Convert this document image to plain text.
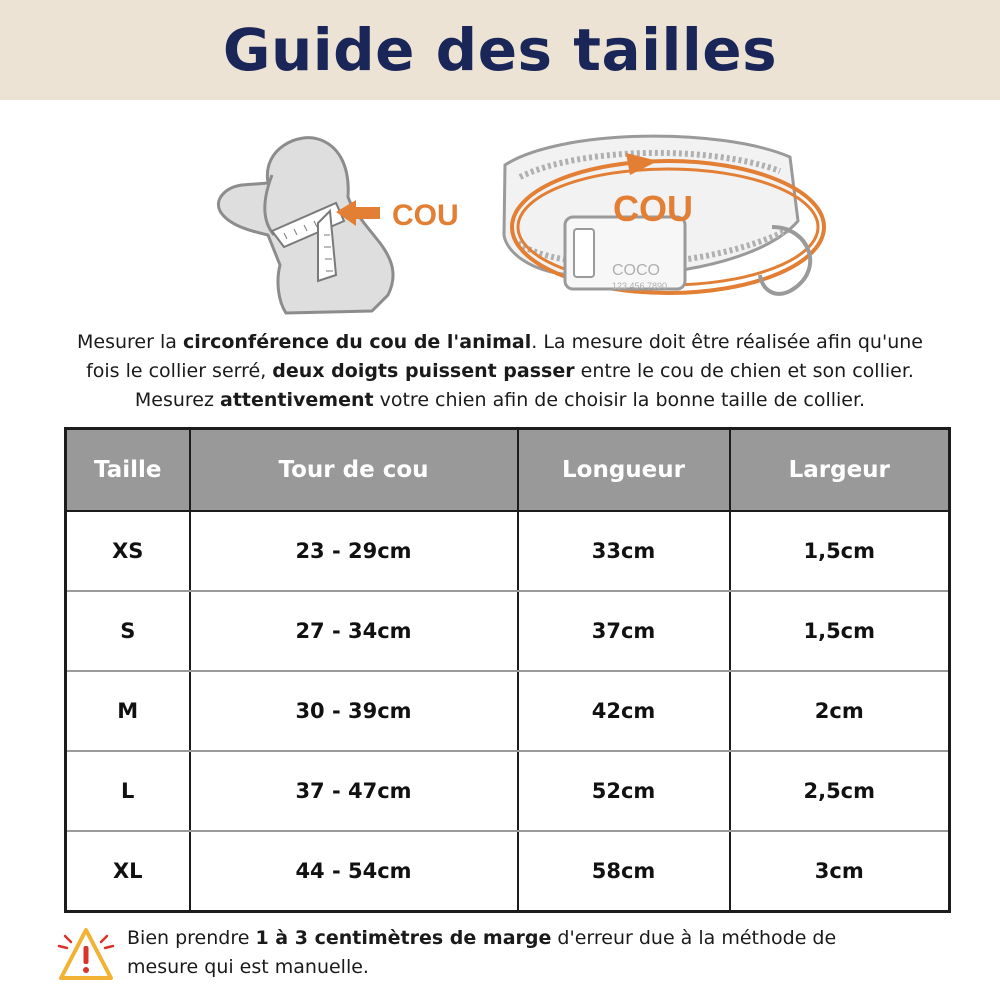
Guide des tailles
COU
COCO
123 456 7890
COU
Mesurer la circonférence du cou de l'animal. La mesure doit être réalisée afin qu'une
fois le collier serré, deux doigts puissent passer entre le cou de chien et son collier.
Mesurez attentivement votre chien afin de choisir la bonne taille de collier.
Taille	Tour de cou	Longueur	Largeur
XS	23 - 29cm	33cm	1,5cm
S	27 - 34cm	37cm	1,5cm
M	30 - 39cm	42cm	2cm
L	37 - 47cm	52cm	2,5cm
XL	44 - 54cm	58cm	3cm
Bien prendre 1 à 3 centimètres de marge d'erreur due à la méthode de
mesure qui est manuelle.
